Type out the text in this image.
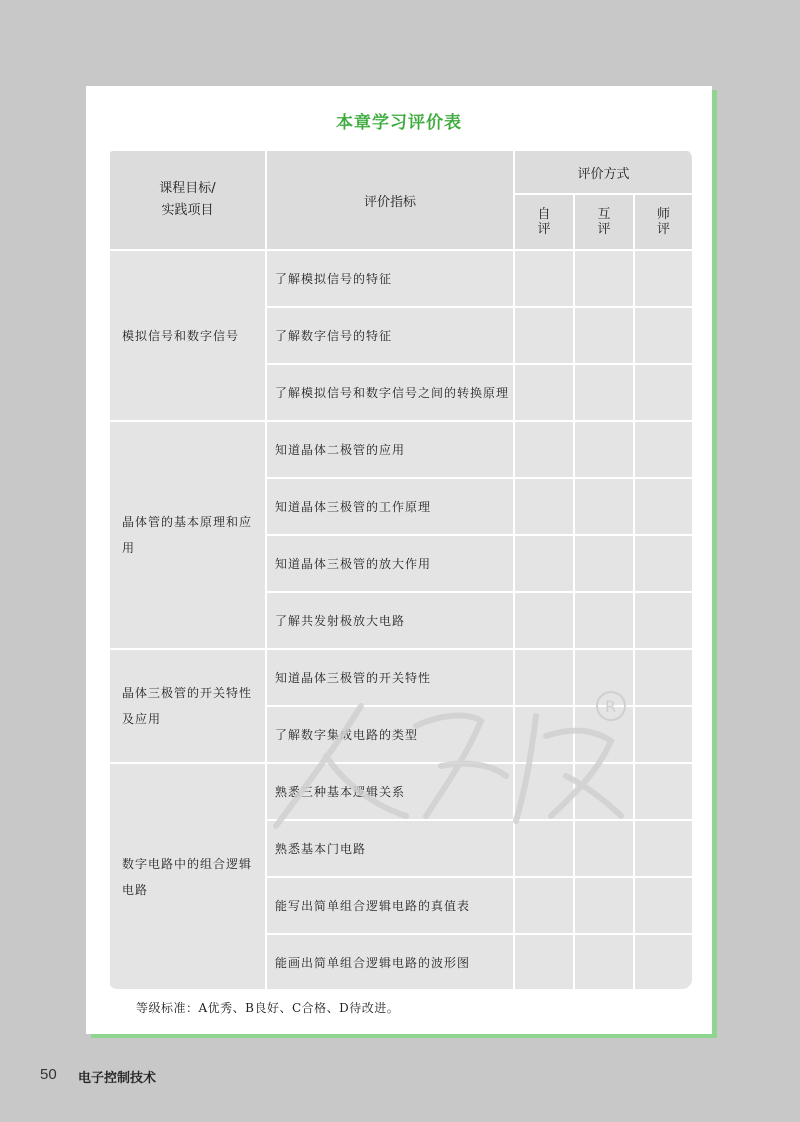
本章学习评价表
课程目标/
实践项目	评价指标	评价方式		
		自评	互评	师评
模拟信号和数字信号	了解模拟信号的特征			
	了解数字信号的特征			
	了解模拟信号和数字信号之间的转换原理			
晶体管的基本原理和应用	知道晶体二极管的应用			
	知道晶体三极管的工作原理			
	知道晶体三极管的放大作用			
	了解共发射极放大电路			
晶体三极管的开关特性及应用	知道晶体三极管的开关特性			
	了解数字集成电路的类型			
数字电路中的组合逻辑电路	熟悉三种基本逻辑关系			
	熟悉基本门电路			
	能写出简单组合逻辑电路的真值表			
	能画出简单组合逻辑电路的波形图			
R
等级标准：A优秀、B良好、C合格、D待改进。
50 电子控制技术
